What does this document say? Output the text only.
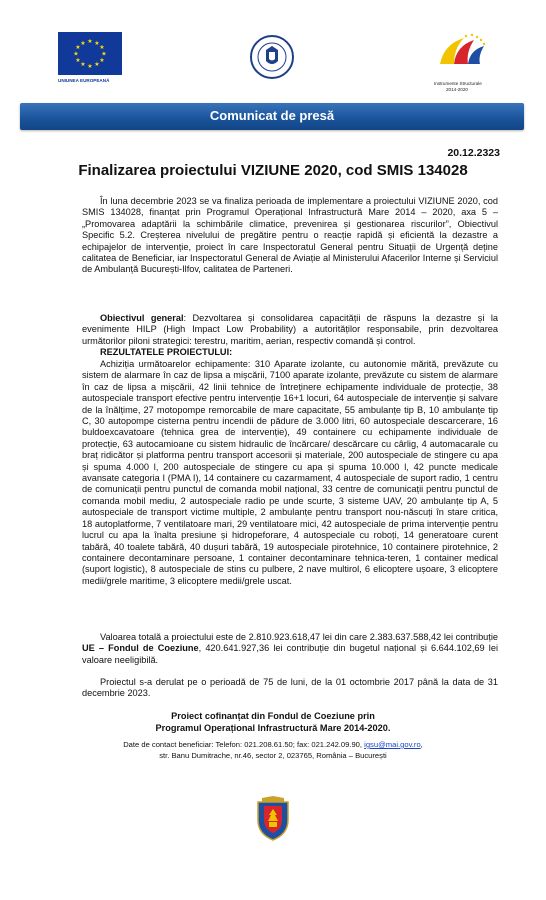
★ ★
★
★
★
★
★
★
★
★
★
★
UNIUNEA EUROPEANĂ
Instrumente Structurale
2014-2020
Comunicat de presă
20.12.2323
Finalizarea proiectului VIZIUNE 2020, cod SMIS 134028
În luna decembrie 2023 se va finaliza perioada de implementare a proiectului VIZIUNE 2020, cod SMIS 134028, finanțat prin Programul Operațional Infrastructură Mare 2014 – 2020, axa 5 – „Promovarea adaptării la schimbările climatice, prevenirea și gestionarea riscurilor”, Obiectivul Specific 5.2. Creșterea nivelului de pregătire pentru o reacție rapidă și eficientă la dezastre a echipajelor de intervenție, proiect în care Inspectoratul General pentru Situații de Urgență deține calitatea de Beneficiar, iar Inspectoratul General de Aviație al Ministerului Afacerilor Interne și Serviciul de Ambulanță București-Ilfov, calitatea de Parteneri.
Obiectivul general: Dezvoltarea și consolidarea capacității de răspuns la dezastre și la evenimente HILP (High Impact Low Probability) a autorităților responsabile, prin dezvoltarea următorilor piloni strategici: terestru, maritim, aerian, respectiv comandă și control.
REZULTATELE PROIECTULUI:
Achiziția următoarelor echipamente: 310 Aparate izolante, cu autonomie mărită, prevăzute cu sistem de alarmare în caz de lipsa a mișcării, 7100 aparate izolante, prevăzute cu sistem de alarmare în caz de lipsa a mișcării, 42 linii tehnice de întreținere echipamente individuale de protecție, 38 autospeciale transport efective pentru intervenție 16+1 locuri, 64 autospeciale de intervenție și salvare de la înălțime, 27 motopompe remorcabile de mare capacitate, 55 ambulanțe tip B, 10 ambulanțe tip C, 30 autopompe cisterna pentru incendii de pădure de 3.000 litri, 60 autospeciale descarcerare, 16 buldoexcavatoare (tehnica grea de intervenție), 49 containere cu echipamente individuale de protecție, 63 autocamioane cu sistem hidraulic de încărcare/ descărcare cu cârlig, 4 automacarale cu braț ridicător și platforma pentru transport accesorii și materiale, 200 autospeciale de stingere cu apa și spuma 4.000 l, 200 autospeciale de stingere cu apa și spuma 10.000 l, 42 puncte medicale avansate categoria I (PMA I), 14 containere cu cazarmament, 4 autospeciale de suport radio, 1 centru de comunicații pentru punctul de comanda mobil național, 33 centre de comunicații pentru punctul de comanda mobil mediu, 2 autospeciale radio pe unde scurte, 3 sisteme UAV, 20 ambulanțe tip A, 5 autospeciale de transport victime multiple, 2 ambulanțe pentru transport nou-născuți în stare critica, 18 autoplatforme, 7 ventilatoare mari, 29 ventilatoare mici, 42 autospeciale de prima intervenție pentru lucrul cu apa la înalta presiune și hidropeforare, 4 autospeciale cu roboți, 14 generatoare curent tabără, 40 toalete tabără, 40 dușuri tabără, 19 autospeciale pirotehnice, 10 containere pirotehnice, 2 containere decontaminare persoane, 1 container decontaminare tehnica-teren, 1 container medical (suport logistic), 8 autospeciale de stins cu pulbere, 2 nave multirol, 6 elicoptere ușoare, 3 elicoptere medii/grele maritime, 3 elicoptere medii/grele uscat.
Valoarea totală a proiectului este de 2.810.923.618,47 lei din care 2.383.637.588,42 lei contribuție UE – Fondul de Coeziune, 420.641.927,36 lei contribuție din bugetul național și 6.644.102,69 lei valoare neeligibilă.
Proiectul s-a derulat pe o perioadă de 75 de luni, de la 01 octombrie 2017 până la data de 31 decembrie 2023.
Proiect cofinanțat din Fondul de Coeziune prin
Programul Operațional Infrastructură Mare 2014-2020.
Date de contact beneficiar: Telefon: 021.208.61.50; fax: 021.242.09.90, igsu@mai.gov.ro,
str. Banu Dumitrache, nr.46, sector 2, 023765, România – București
